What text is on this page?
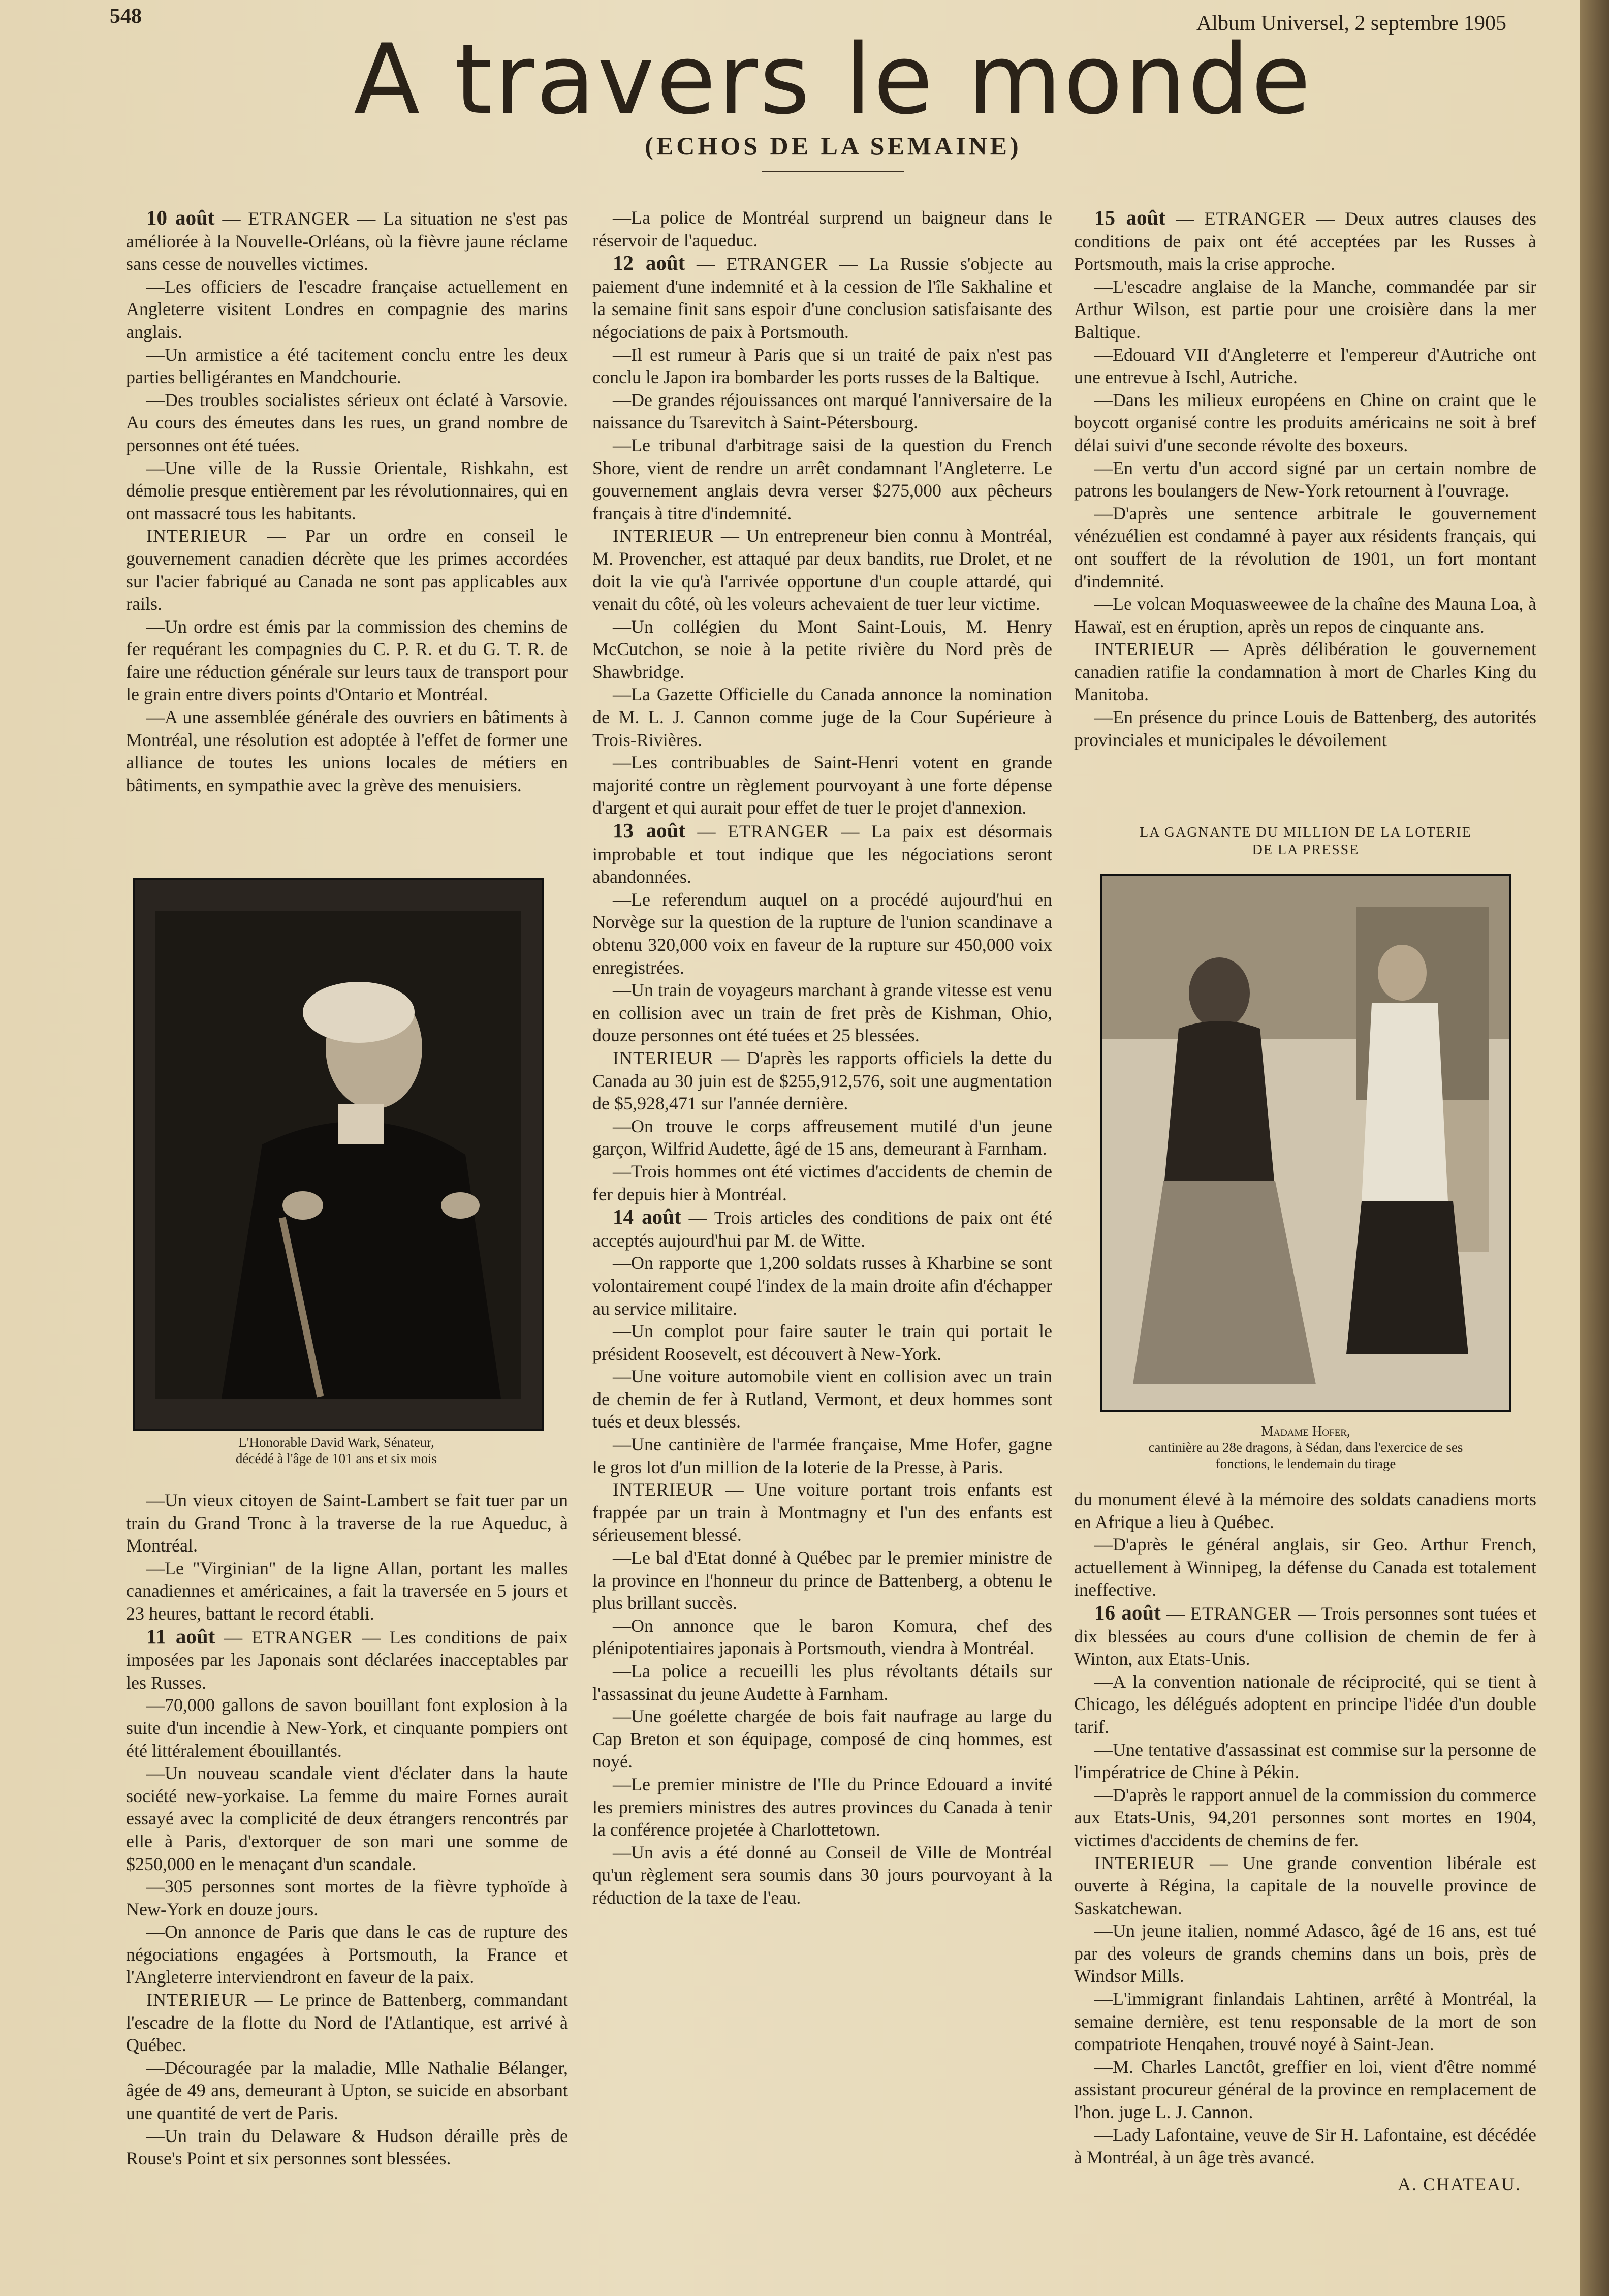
548	Album Universel, 2 septembre 1905
A travers le monde
(ECHOS DE LA SEMAINE)

10 août — ETRANGER — La situation ne s'est pas améliorée à la Nouvelle-Orléans, où la fièvre jaune réclame sans cesse de nouvelles victimes.

—Les officiers de l'escadre française actuellement en Angleterre visitent Londres en compagnie des marins anglais.

—Un armistice a été tacitement conclu entre les deux parties belligérantes en Mandchourie.

—Des troubles socialistes sérieux ont éclaté à Varsovie. Au cours des émeutes dans les rues, un grand nombre de personnes ont été tuées.

—Une ville de la Russie Orientale, Rishkahn, est démolie presque entièrement par les révolutionnaires, qui en ont massacré tous les habitants.

INTERIEUR — Par un ordre en conseil le gouvernement canadien décrète que les primes accordées sur l'acier fabriqué au Canada ne sont pas applicables aux rails.

—Un ordre est émis par la commission des chemins de fer requérant les compagnies du C. P. R. et du G. T. R. de faire une réduction générale sur leurs taux de transport pour le grain entre divers points d'Ontario et Montréal.

—A une assemblée générale des ouvriers en bâtiments à Montréal, une résolution est adoptée à l'effet de former une alliance de toutes les unions locales de métiers en bâtiments, en sympathie avec la grève des menuisiers.

L'Honorable David Wark, Sénateur,
décédé à l'âge de 101 ans et six mois

—Un vieux citoyen de Saint-Lambert se fait tuer par un train du Grand Tronc à la traverse de la rue Aqueduc, à Montréal.

—Le "Virginian" de la ligne Allan, portant les malles canadiennes et américaines, a fait la traversée en 5 jours et 23 heures, battant le record établi.

11 août — ETRANGER — Les conditions de paix imposées par les Japonais sont déclarées inacceptables par les Russes.

—70,000 gallons de savon bouillant font explosion à la suite d'un incendie à New-York, et cinquante pompiers ont été littéralement ébouillantés.

—Un nouveau scandale vient d'éclater dans la haute société new-yorkaise. La femme du maire Fornes aurait essayé avec la complicité de deux étrangers rencontrés par elle à Paris, d'extorquer de son mari une somme de $250,000 en le menaçant d'un scandale.

—305 personnes sont mortes de la fièvre typhoïde à New-York en douze jours.

—On annonce de Paris que dans le cas de rupture des négociations engagées à Portsmouth, la France et l'Angleterre interviendront en faveur de la paix.

INTERIEUR — Le prince de Battenberg, commandant l'escadre de la flotte du Nord de l'Atlantique, est arrivé à Québec.

—Découragée par la maladie, Mlle Nathalie Bélanger, âgée de 49 ans, demeurant à Upton, se suicide en absorbant une quantité de vert de Paris.

—Un train du Delaware & Hudson déraille près de Rouse's Point et six personnes sont blessées.

—La police de Montréal surprend un baigneur dans le réservoir de l'aqueduc.

12 août — ETRANGER — La Russie s'objecte au paiement d'une indemnité et à la cession de l'île Sakhaline et la semaine finit sans espoir d'une conclusion satisfaisante des négociations de paix à Portsmouth.

—Il est rumeur à Paris que si un traité de paix n'est pas conclu le Japon ira bombarder les ports russes de la Baltique.

—De grandes réjouissances ont marqué l'anniversaire de la naissance du Tsarevitch à Saint-Pétersbourg.

—Le tribunal d'arbitrage saisi de la question du French Shore, vient de rendre un arrêt condamnant l'Angleterre. Le gouvernement anglais devra verser $275,000 aux pêcheurs français à titre d'indemnité.

INTERIEUR — Un entrepreneur bien connu à Montréal, M. Provencher, est attaqué par deux bandits, rue Drolet, et ne doit la vie qu'à l'arrivée opportune d'un couple attardé, qui venait du côté, où les voleurs achevaient de tuer leur victime.

—Un collégien du Mont Saint-Louis, M. Henry McCutchon, se noie à la petite rivière du Nord près de Shawbridge.

—La Gazette Officielle du Canada annonce la nomination de M. L. J. Cannon comme juge de la Cour Supérieure à Trois-Rivières.

—Les contribuables de Saint-Henri votent en grande majorité contre un règlement pourvoyant à une forte dépense d'argent et qui aurait pour effet de tuer le projet d'annexion.

13 août — ETRANGER — La paix est désormais improbable et tout indique que les négociations seront abandonnées.

—Le referendum auquel on a procédé aujourd'hui en Norvège sur la question de la rupture de l'union scandinave a obtenu 320,000 voix en faveur de la rupture sur 450,000 voix enregistrées.

—Un train de voyageurs marchant à grande vitesse est venu en collision avec un train de fret près de Kishman, Ohio, douze personnes ont été tuées et 25 blessées.

INTERIEUR — D'après les rapports officiels la dette du Canada au 30 juin est de $255,912,576, soit une augmentation de $5,928,471 sur l'année dernière.

—On trouve le corps affreusement mutilé d'un jeune garçon, Wilfrid Audette, âgé de 15 ans, demeurant à Farnham.

—Trois hommes ont été victimes d'accidents de chemin de fer depuis hier à Montréal.

14 août — Trois articles des conditions de paix ont été acceptés aujourd'hui par M. de Witte.

—On rapporte que 1,200 soldats russes à Kharbine se sont volontairement coupé l'index de la main droite afin d'échapper au service militaire.

—Un complot pour faire sauter le train qui portait le président Roosevelt, est découvert à New-York.

—Une voiture automobile vient en collision avec un train de chemin de fer à Rutland, Vermont, et deux hommes sont tués et deux blessés.

—Une cantinière de l'armée française, Mme Hofer, gagne le gros lot d'un million de la loterie de la Presse, à Paris.

INTERIEUR — Une voiture portant trois enfants est frappée par un train à Montmagny et l'un des enfants est sérieusement blessé.

—Le bal d'Etat donné à Québec par le premier ministre de la province en l'honneur du prince de Battenberg, a obtenu le plus brillant succès.

—On annonce que le baron Komura, chef des plénipotentiaires japonais à Portsmouth, viendra à Montréal.

—La police a recueilli les plus révoltants détails sur l'assassinat du jeune Audette à Farnham.

—Une goélette chargée de bois fait naufrage au large du Cap Breton et son équipage, composé de cinq hommes, est noyé.

—Le premier ministre de l'Ile du Prince Edouard a invité les premiers ministres des autres provinces du Canada à tenir la conférence projetée à Charlottetown.

—Un avis a été donné au Conseil de Ville de Montréal qu'un règlement sera soumis dans 30 jours pourvoyant à la réduction de la taxe de l'eau.

15 août — ETRANGER — Deux autres clauses des conditions de paix ont été acceptées par les Russes à Portsmouth, mais la crise approche.

—L'escadre anglaise de la Manche, commandée par sir Arthur Wilson, est partie pour une croisière dans la mer Baltique.

—Edouard VII d'Angleterre et l'empereur d'Autriche ont une entrevue à Ischl, Autriche.

—Dans les milieux européens en Chine on craint que le boycott organisé contre les produits américains ne soit à bref délai suivi d'une seconde révolte des boxeurs.

—En vertu d'un accord signé par un certain nombre de patrons les boulangers de New-York retournent à l'ouvrage.

—D'après une sentence arbitrale le gouvernement vénézuélien est condamné à payer aux résidents français, qui ont souffert de la révolution de 1901, un fort montant d'indemnité.

—Le volcan Moquasweewee de la chaîne des Mauna Loa, à Hawaï, est en éruption, après un repos de cinquante ans.

INTERIEUR — Après délibération le gouvernement canadien ratifie la condamnation à mort de Charles King du Manitoba.

—En présence du prince Louis de Battenberg, des autorités provinciales et municipales le dévoilement

LA GAGNANTE DU MILLION DE LA LOTERIE
DE LA PRESSE
Madame Hofer,
cantinière au 28e dragons, à Sédan, dans l'exercice de ses
fonctions, le lendemain du tirage

du monument élevé à la mémoire des soldats canadiens morts en Afrique a lieu à Québec.

—D'après le général anglais, sir Geo. Arthur French, actuellement à Winnipeg, la défense du Canada est totalement ineffective.

16 août — ETRANGER — Trois personnes sont tuées et dix blessées au cours d'une collision de chemin de fer à Winton, aux Etats-Unis.

—A la convention nationale de réciprocité, qui se tient à Chicago, les délégués adoptent en principe l'idée d'un double tarif.

—Une tentative d'assassinat est commise sur la personne de l'impératrice de Chine à Pékin.

—D'après le rapport annuel de la commission du commerce aux Etats-Unis, 94,201 personnes sont mortes en 1904, victimes d'accidents de chemins de fer.

INTERIEUR — Une grande convention libérale est ouverte à Régina, la capitale de la nouvelle province de Saskatchewan.

—Un jeune italien, nommé Adasco, âgé de 16 ans, est tué par des voleurs de grands chemins dans un bois, près de Windsor Mills.

—L'immigrant finlandais Lahtinen, arrêté à Montréal, la semaine dernière, est tenu responsable de la mort de son compatriote Henqahen, trouvé noyé à Saint-Jean.

—M. Charles Lanctôt, greffier en loi, vient d'être nommé assistant procureur général de la province en remplacement de l'hon. juge L. J. Cannon.

—Lady Lafontaine, veuve de Sir H. Lafontaine, est décédée à Montréal, à un âge très avancé.

A. CHATEAU.
